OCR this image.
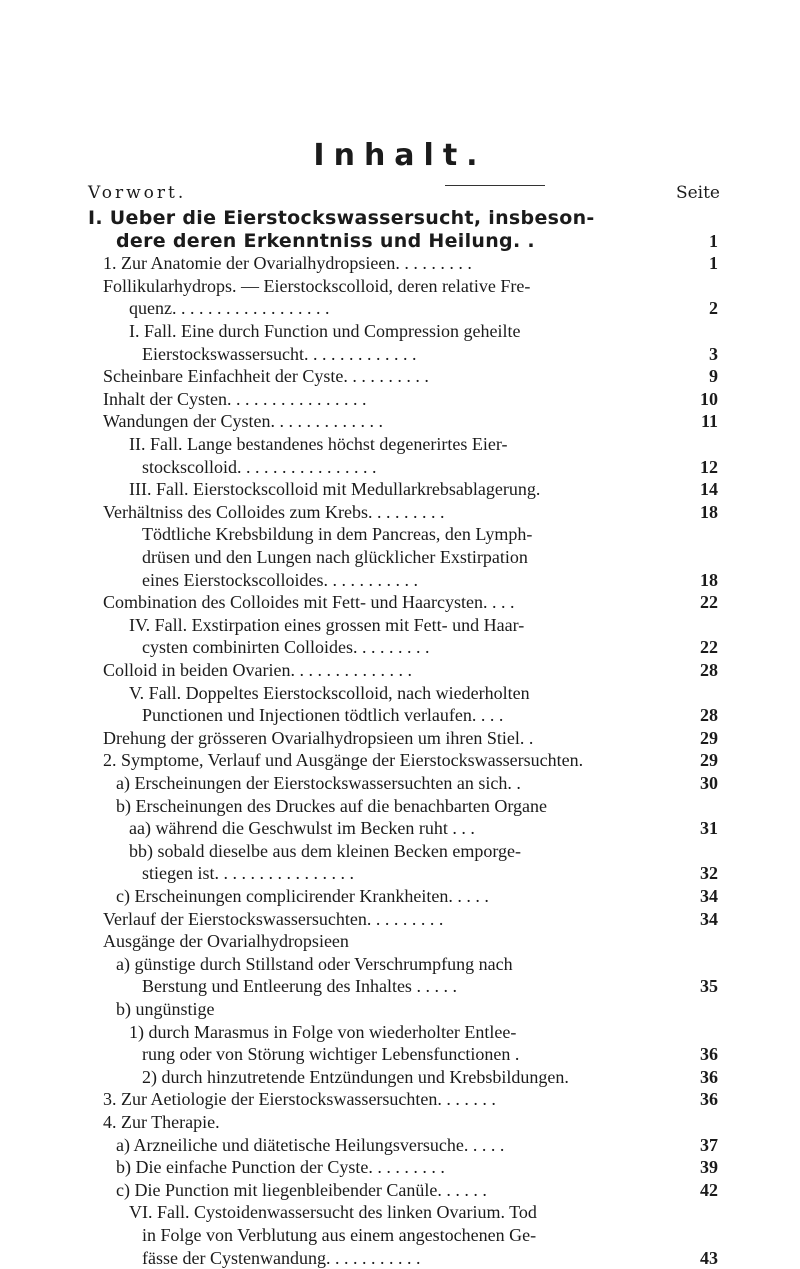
Inhalt.
Vorwort.	Seite
I. Ueber die Eierstockswassersucht, insbeson-
dere deren Erkenntniss und Heilung. .	1
1. Zur Anatomie der Ovarialhydropsieen. . . . . . . . .	1
Follikularhydrops. — Eierstockscolloid, deren relative Fre-
quenz. . . . . . . . . . . . . . . . . .	2
I. Fall. Eine durch Function und Compression geheilte
Eierstockswassersucht. . . . . . . . . . . . .	3
Scheinbare Einfachheit der Cyste. . . . . . . . . .	9
Inhalt der Cysten. . . . . . . . . . . . . . . .	10
Wandungen der Cysten. . . . . . . . . . . . .	11
II. Fall. Lange bestandenes höchst degenerirtes Eier-
stockscolloid. . . . . . . . . . . . . . . .	12
III. Fall. Eierstockscolloid mit Medullarkrebsablagerung.	14
Verhältniss des Colloides zum Krebs. . . . . . . . .	18
Tödtliche Krebsbildung in dem Pancreas, den Lymph-
drüsen und den Lungen nach glücklicher Exstirpation
eines Eierstockscolloides. . . . . . . . . . .	18
Combination des Colloides mit Fett- und Haarcysten. . . .	22
IV. Fall. Exstirpation eines grossen mit Fett- und Haar-
cysten combinirten Colloides. . . . . . . . .	22
Colloid in beiden Ovarien. . . . . . . . . . . . . .	28
V. Fall. Doppeltes Eierstockscolloid, nach wiederholten
Punctionen und Injectionen tödtlich verlaufen. . . .	28
Drehung der grösseren Ovarialhydropsieen um ihren Stiel. .	29
2. Symptome, Verlauf und Ausgänge der Eierstockswassersuchten.	29
a) Erscheinungen der Eierstockswassersuchten an sich. .	30
b) Erscheinungen des Druckes auf die benachbarten Organe
aa) während die Geschwulst im Becken ruht . . .	31
bb) sobald dieselbe aus dem kleinen Becken emporge-
stiegen ist. . . . . . . . . . . . . . . .	32
c) Erscheinungen complicirender Krankheiten. . . . .	34
Verlauf der Eierstockswassersuchten. . . . . . . . .	34
Ausgänge der Ovarialhydropsieen
a) günstige durch Stillstand oder Verschrumpfung nach
Berstung und Entleerung des Inhaltes . . . . .	35
b) ungünstige
1) durch Marasmus in Folge von wiederholter Entlee-
rung oder von Störung wichtiger Lebensfunctionen .	36
2) durch hinzutretende Entzündungen und Krebsbildungen.	36
3. Zur Aetiologie der Eierstockswassersuchten. . . . . . .	36
4. Zur Therapie.
a) Arzneiliche und diätetische Heilungsversuche. . . . .	37
b) Die einfache Punction der Cyste. . . . . . . . .	39
c) Die Punction mit liegenbleibender Canüle. . . . . .	42
VI. Fall. Cystoidenwassersucht des linken Ovarium. Tod
in Folge von Verblutung aus einem angestochenen Ge-
fässe der Cystenwandung. . . . . . . . . . .	43
